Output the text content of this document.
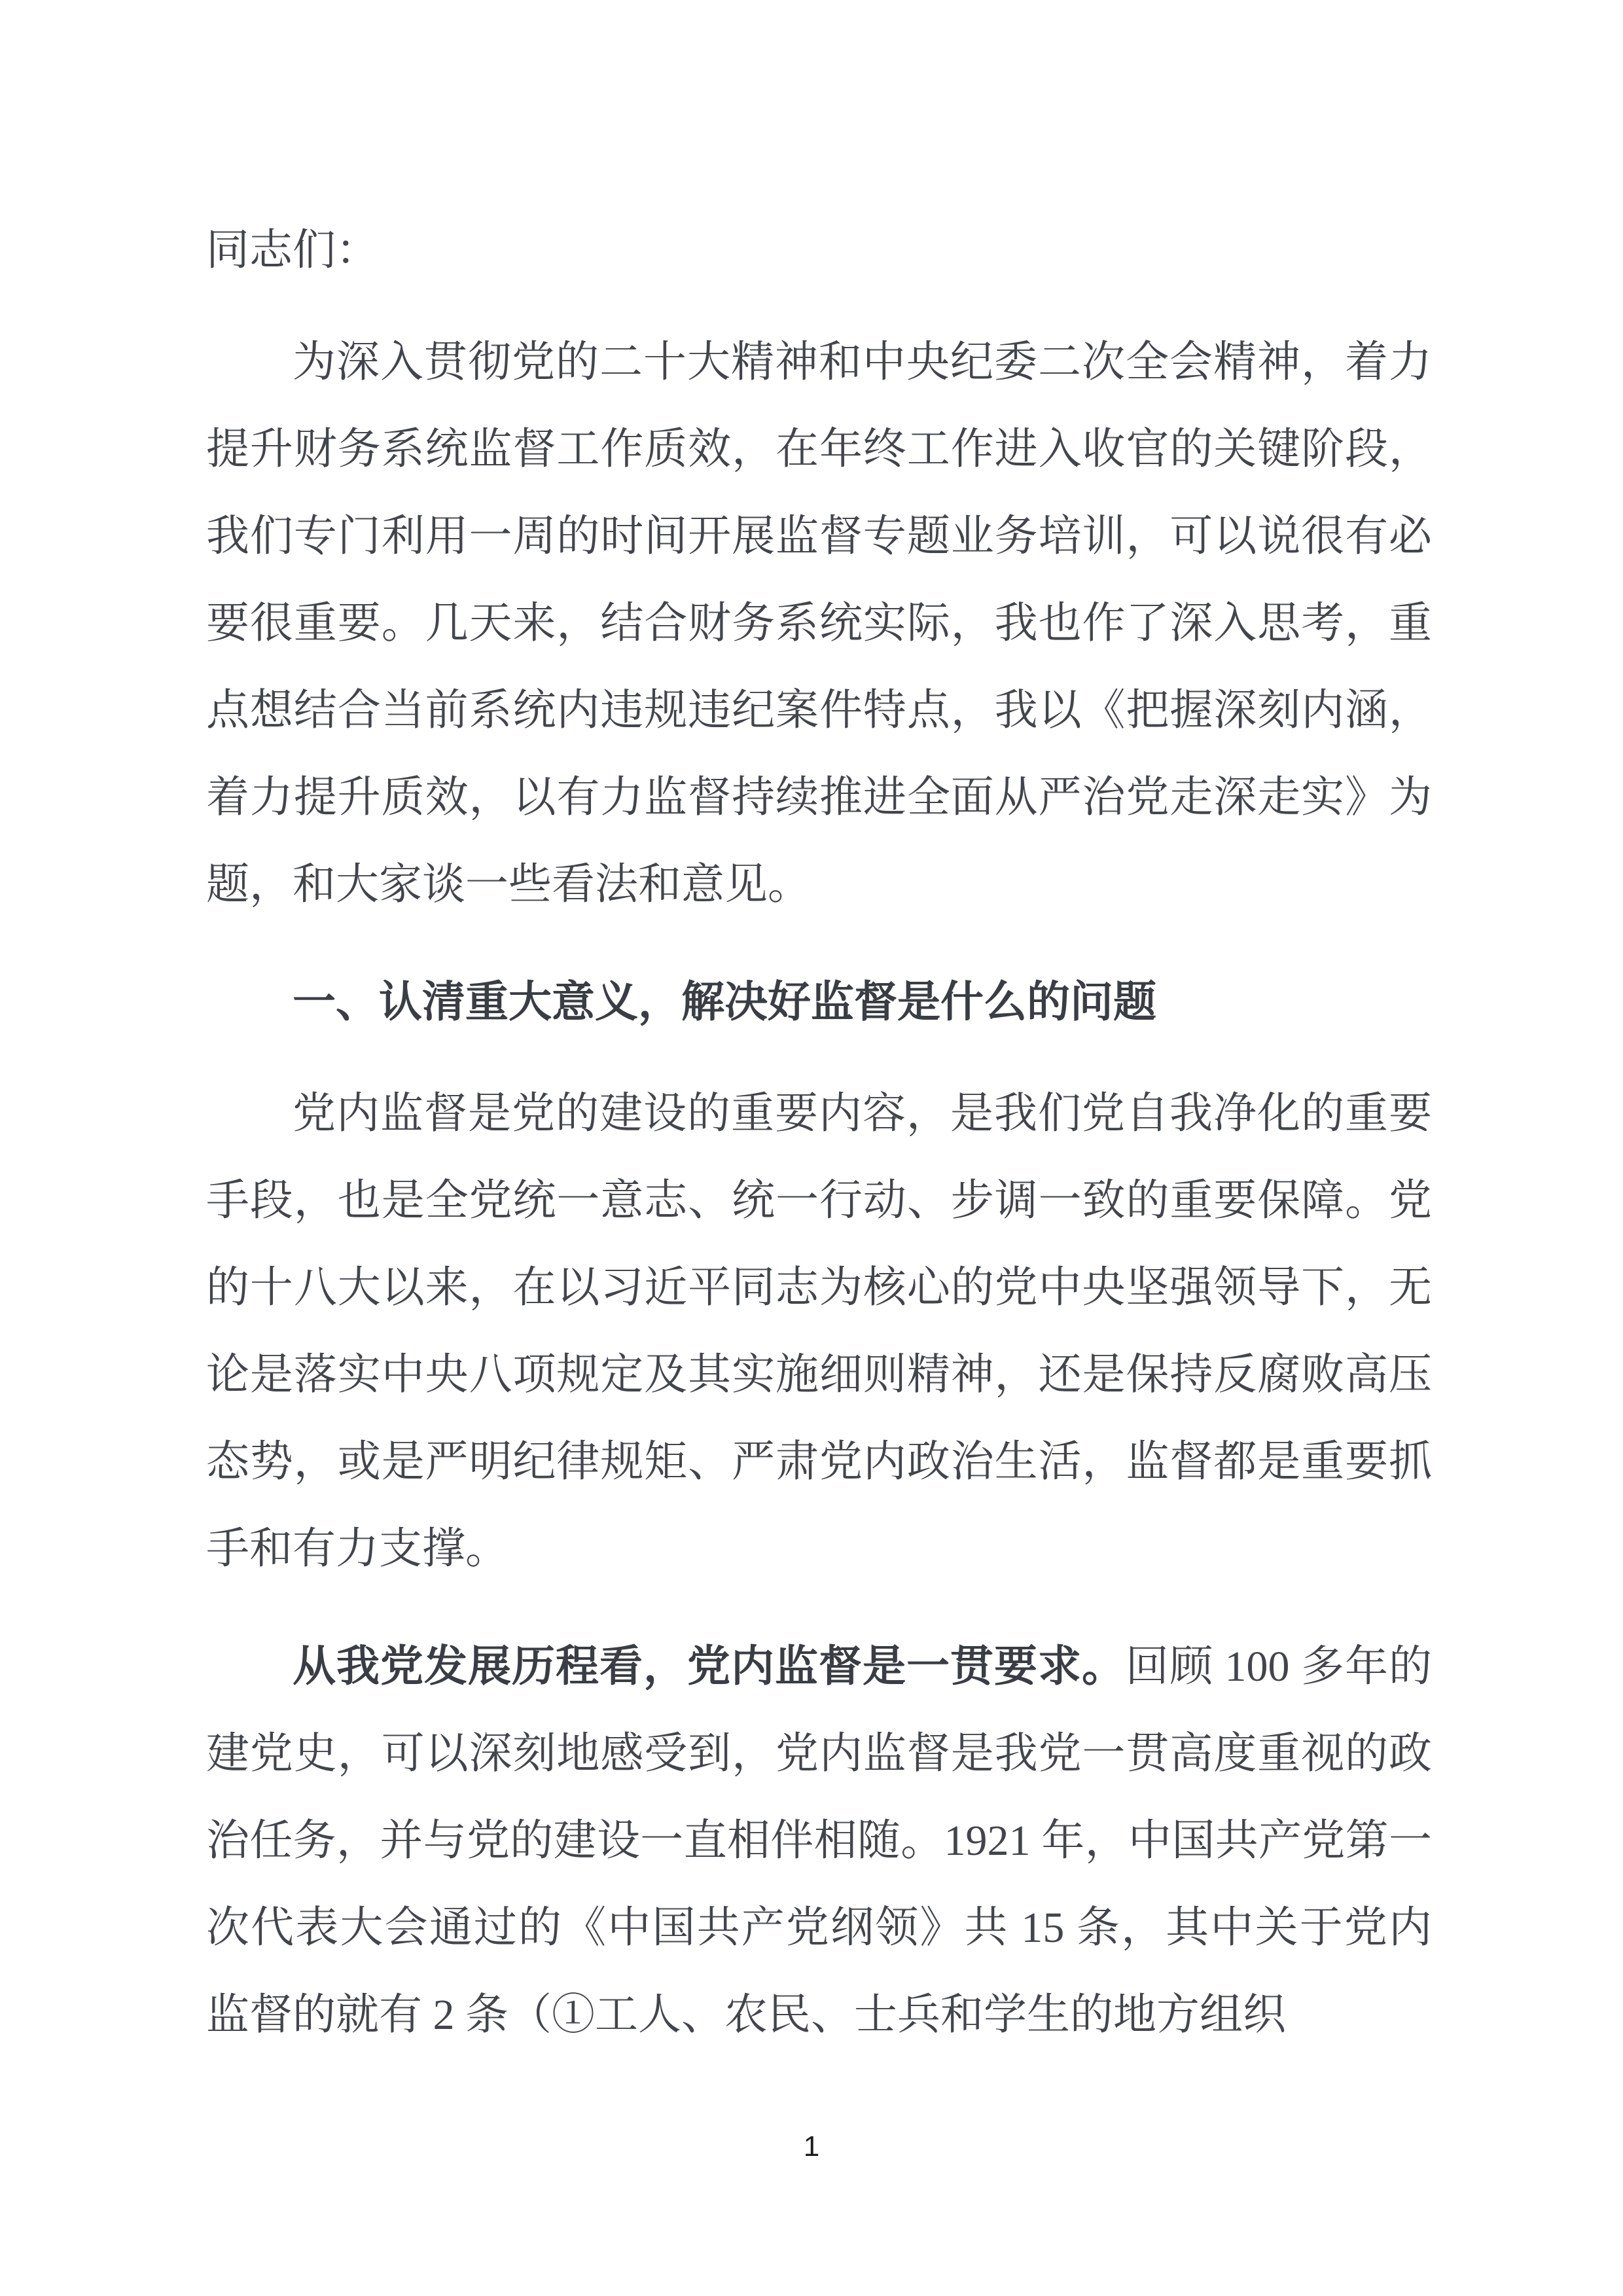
同志们：

为深入贯彻党的二十大精神和中央纪委二次全会精神，着力提升财务系统监督工作质效，在年终工作进入收官的关键阶段，我们专门利用一周的时间开展监督专题业务培训，可以说很有必要很重要。几天来，结合财务系统实际，我也作了深入思考，重点想结合当前系统内违规违纪案件特点，我以《把握深刻内涵，着力提升质效，以有力监督持续推进全面从严治党走深走实》为题，和大家谈一些看法和意见。

一、认清重大意义，解决好监督是什么的问题

党内监督是党的建设的重要内容，是我们党自我净化的重要手段，也是全党统一意志、统一行动、步调一致的重要保障。党的十八大以来，在以习近平同志为核心的党中央坚强领导下，无论是落实中央八项规定及其实施细则精神，还是保持反腐败高压态势，或是严明纪律规矩、严肃党内政治生活，监督都是重要抓手和有力支撑。

从我党发展历程看，党内监督是一贯要求。回顾 100 多年的建党史，可以深刻地感受到，党内监督是我党一贯高度重视的政治任务，并与党的建设一直相伴相随。1921 年，中国共产党第一次代表大会通过的《中国共产党纲领》共 15 条，其中关于党内监督的就有 2 条（①工人、农民、士兵和学生的地方组织

1
